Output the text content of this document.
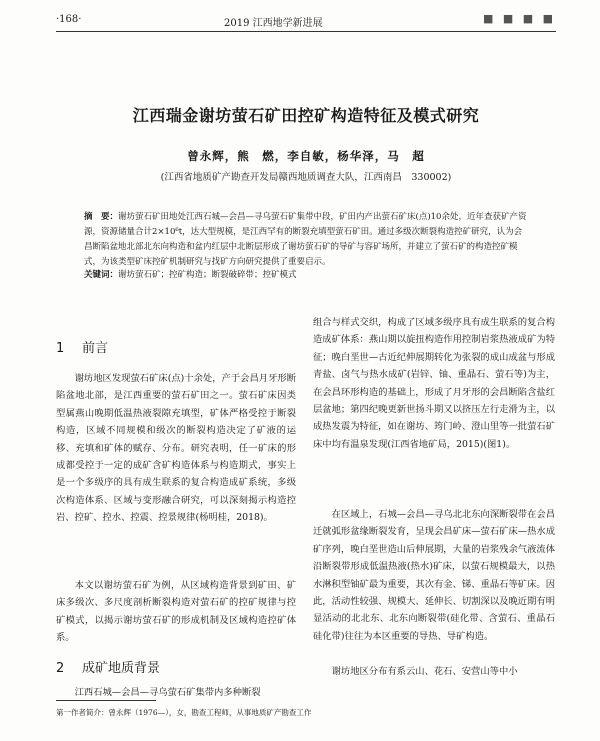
·168·	2019 江西地学新进展	■ ■ ■ ■
江西瑞金谢坊萤石矿田控矿构造特征及模式研究
曾永辉，熊　燃，李自敏，杨华泽，马　超
(江西省地质矿产勘查开发局赣西地质调查大队，江西南昌　330002)
摘　要：谢坊萤石矿田地处江西石城—会昌—寻乌萤石矿集带中段，矿田内产出萤石矿床(点)10余处，近年查获矿产资源，资源储量合计2×10⁶t，达大型规模，是江西罕有的断裂充填型萤石矿田。通过多级次断裂构造控矿研究，认为会昌断陷盆地北部北东向构造和盆内红层中北断层形成了谢坊萤石矿的导矿与容矿场所，并建立了萤石矿的构造控矿模式，为该类型矿床控矿机制研究与找矿方向研究提供了重要启示。
关键词：谢坊萤石矿；控矿构造；断裂破碎带；控矿模式
1 前言

谢坊地区发现萤石矿床(点)十余处，产于会昌月牙形断陷盆地北部，是江西重要的萤石矿田之一。萤石矿床因类型属燕山晚期低温热液裂隙充填型，矿体严格受控于断裂构造，区域不同规模和级次的断裂构造决定了矿液的运移、充填和矿体的赋存、分布。研究表明，任一矿床的形成都受控于一定的成矿含矿构造体系与构造期式，事实上是一个多级序的具有成生联系的复合构造成矿系统，多级次构造体系、区域与变形融合研究，可以深刻揭示构造控岩、控矿、控水、控震、控景规律(杨明桂，2018)。

本文以谢坊萤石矿为例，从区域构造背景到矿田、矿床多级次、多尺度剖析断裂构造对萤石矿的控矿规律与控矿模式，以揭示谢坊萤石矿的形成机制及区域构造控矿体系。

2 成矿地质背景

江西石城—会昌—寻乌萤石矿集带内多种断裂

组合与样式交织，构成了区域多级序具有成生联系的复合构造成矿体系：燕山期以旋扭构造作用控制岩浆热液成矿为特征；晚白垩世—古近纪伸展期转化为张裂的成山成盆与形成青盐、卤气与热水成矿(岩锌、铀、重晶石、萤石等)为主，在会昌环形构造的基础上，形成了月牙形的会昌断陷含盐红层盆地；第四纪晚更新世扬斗期又以挤压左行走滑为主，以成热发震为特征，如在谢坊、筠门岭、澄山里等一批萤石矿床中均有温泉发现(江西省地矿局，2015)(图1)。

在区域上，石城—会昌—寻乌北北东向深断裂带在会昌迁就弧形盆缘断裂发育，呈现会昌矿床—萤石矿床—热水成矿序列，晚白垩世造山后伸展期，大量的岩浆残余气液流体沿断裂带形成低温热液(热水)矿床，以萤石规模最大，以热水淋积型铀矿最为重要，其次有金、锑、重晶石等矿床。因此，活动性较强、规模大、延伸长、切割深以及晚近期有明显活动的北北东、北东向断裂带(硅化带、含萤石、重晶石硅化带)往往为本区重要的导热、导矿构造。

谢坊地区分布有系云山、花石、安营山等中小

第一作者简介：曾永辉（1976—），女，勘查工程师，从事地质矿产勘查工作
